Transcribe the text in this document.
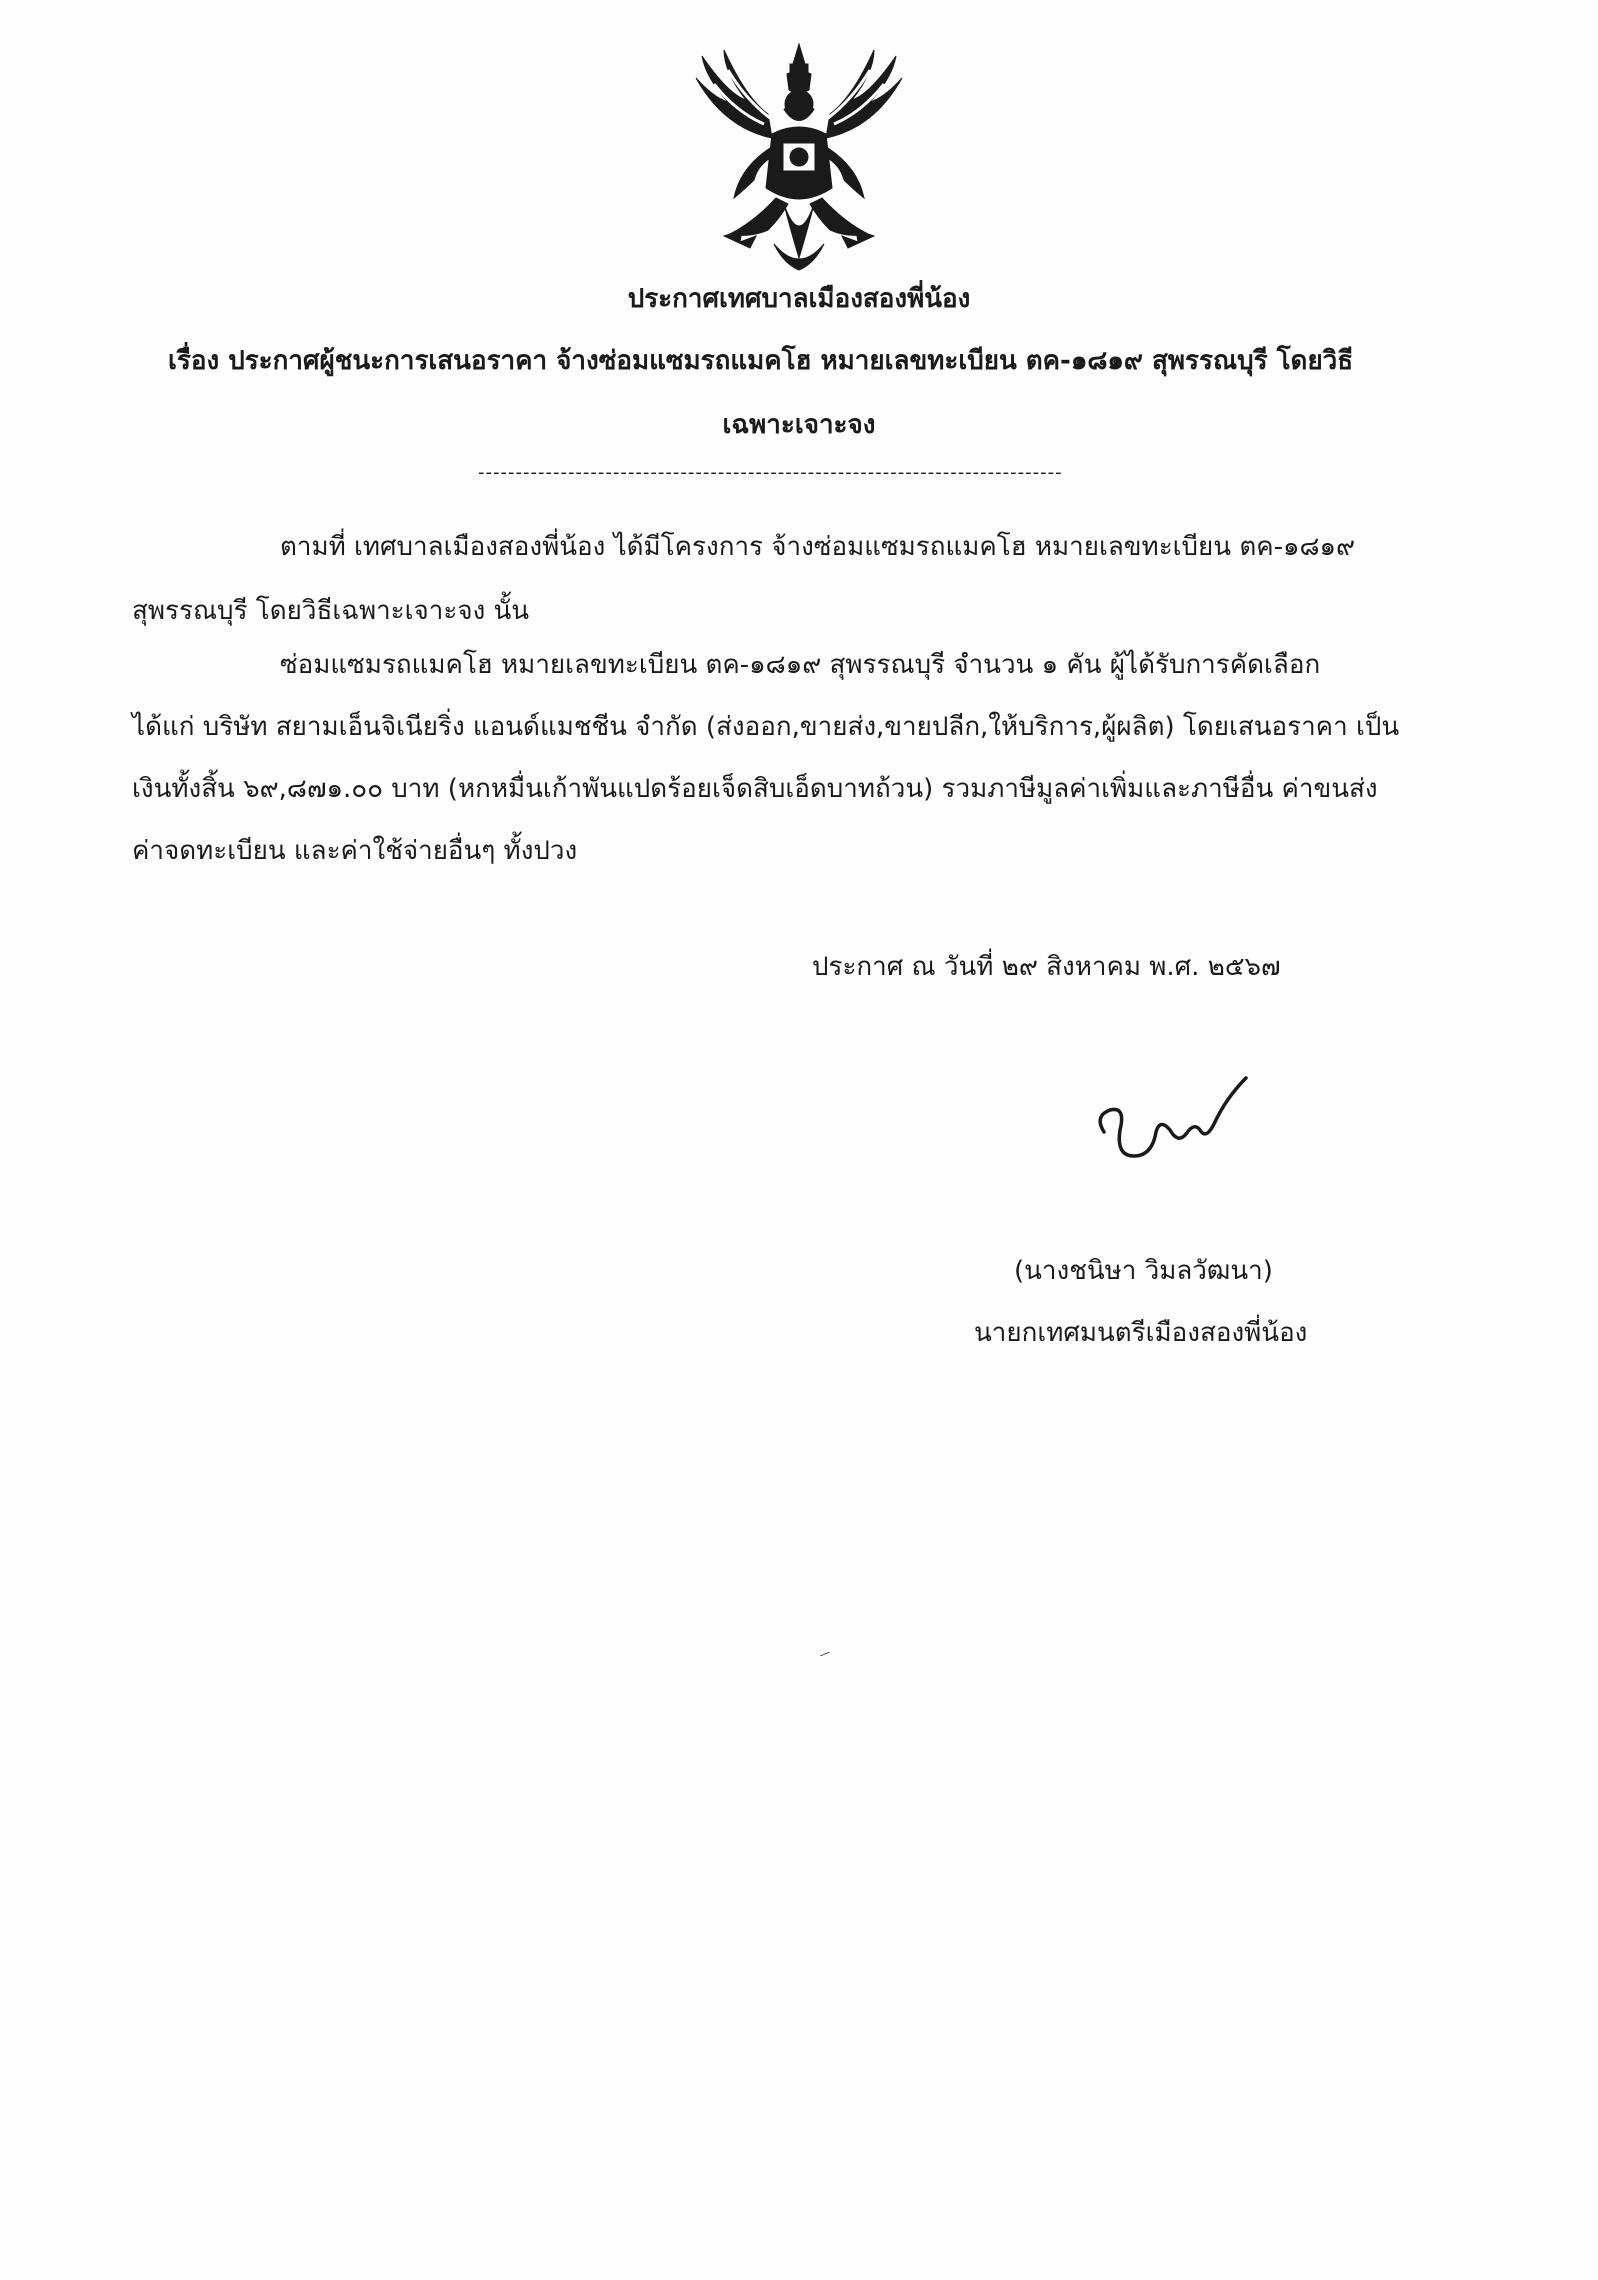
ประกาศเทศบาลเมืองสองพี่น้อง
เรื่อง ประกาศผู้ชนะการเสนอราคา จ้างซ่อมแซมรถแมคโฮ หมายเลขทะเบียน ตค-๑๘๑๙ สุพรรณบุรี โดยวิธี
เฉพาะเจาะจง
------------------------------------------------------------------------------
ตามที่ เทศบาลเมืองสองพี่น้อง ได้มีโครงการ จ้างซ่อมแซมรถแมคโฮ หมายเลขทะเบียน ตค-๑๘๑๙
สุพรรณบุรี โดยวิธีเฉพาะเจาะจง นั้น
ซ่อมแซมรถแมคโฮ หมายเลขทะเบียน ตค-๑๘๑๙ สุพรรณบุรี จำนวน ๑ คัน ผู้ได้รับการคัดเลือก
ได้แก่ บริษัท สยามเอ็นจิเนียริ่ง แอนด์แมชชีน จำกัด (ส่งออก,ขายส่ง,ขายปลีก,ให้บริการ,ผู้ผลิต) โดยเสนอราคา เป็น
เงินทั้งสิ้น ๖๙,๘๗๑.๐๐ บาท (หกหมื่นเก้าพันแปดร้อยเจ็ดสิบเอ็ดบาทถ้วน) รวมภาษีมูลค่าเพิ่มและภาษีอื่น ค่าขนส่ง
ค่าจดทะเบียน และค่าใช้จ่ายอื่นๆ ทั้งปวง
ประกาศ ณ วันที่ ๒๙ สิงหาคม พ.ศ. ๒๕๖๗
(นางชนิษา วิมลวัฒนา)
นายกเทศมนตรีเมืองสองพี่น้อง
